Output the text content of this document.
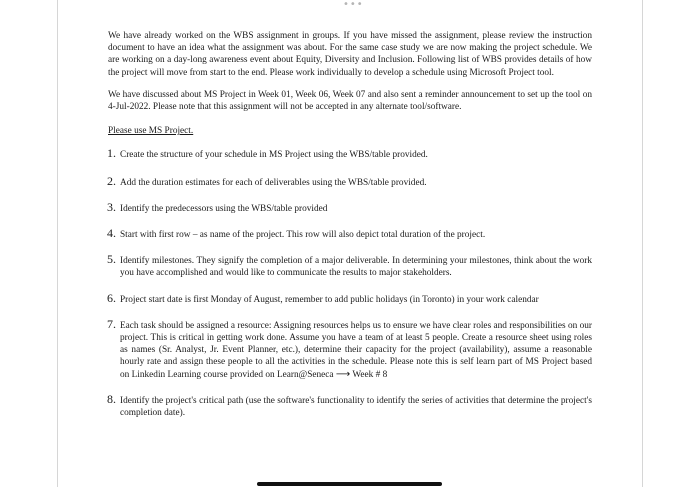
•••

We have already worked on the WBS assignment in groups. If you have missed the assignment, please review the instruction document to have an idea what the assignment was about. For the same case study we are now making the project schedule. We are working on a day-long awareness event about Equity, Diversity and Inclusion. Following list of WBS provides details of how the project will move from start to the end. Please work individually to develop a schedule using Microsoft Project tool.

We have discussed about MS Project in Week 01, Week 06, Week 07 and also sent a reminder announcement to set up the tool on 4-Jul-2022. Please note that this assignment will not be accepted in any alternate tool/software.

Please use MS Project.
1. Create the structure of your schedule in MS Project using the WBS/table provided.
2. Add the duration estimates for each of deliverables using the WBS/table provided.
3. Identify the predecessors using the WBS/table provided
4. Start with first row – as name of the project. This row will also depict total duration of the project.
5. Identify milestones. They signify the completion of a major deliverable. In determining your milestones, think about the work you have accomplished and would like to communicate the results to major stakeholders.
6. Project start date is first Monday of August, remember to add public holidays (in Toronto) in your work calendar
7. Each task should be assigned a resource: Assigning resources helps us to ensure we have clear roles and responsibilities on our project. This is critical in getting work done. Assume you have a team of at least 5 people. Create a resource sheet using roles as names (Sr. Analyst, Jr. Event Planner, etc.), determine their capacity for the project (availability), assume a reasonable hourly rate and assign these people to all the activities in the schedule. Please note this is self learn part of MS Project based on Linkedin Learning course provided on Learn@Seneca ⟶ Week # 8
8. Identify the project's critical path (use the software's functionality to identify the series of activities that determine the project's completion date).
